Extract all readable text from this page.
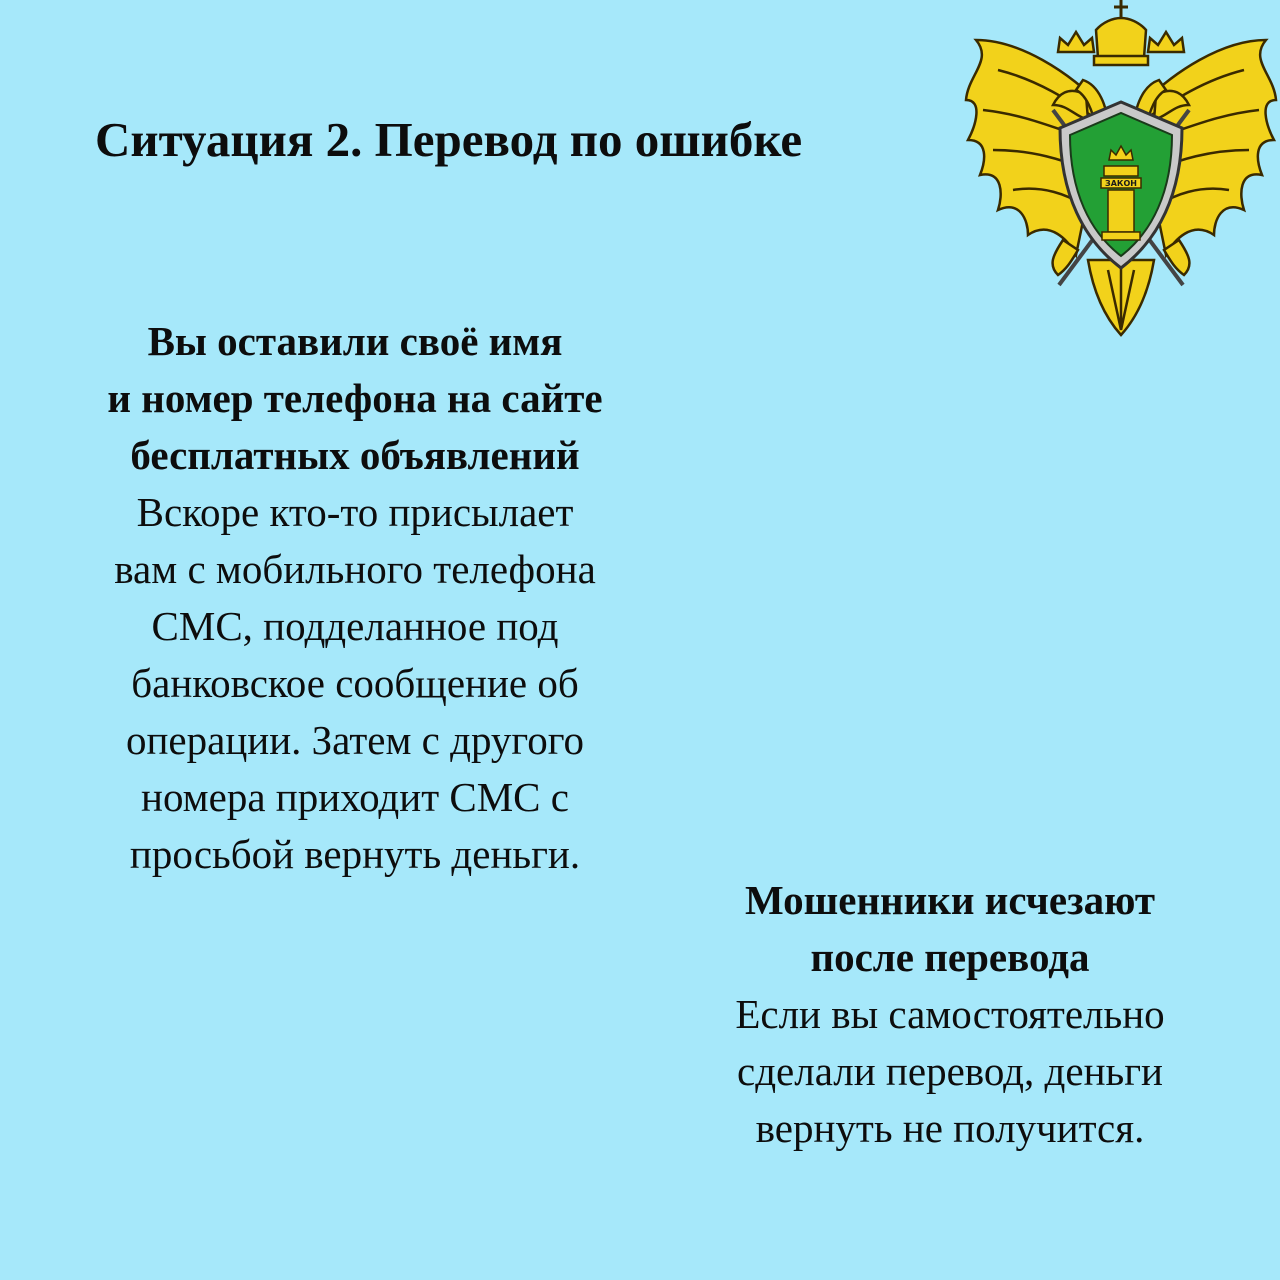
Ситуация 2. Перевод по ошибке
ЗАКОН
Вы оставили своё имя
и номер телефона на сайте
бесплатных объявлений
Вскоре кто-то присылает
вам с мобильного телефона
СМС, подделанное под
банковское сообщение об
операции. Затем с другого
номера приходит СМС с
просьбой вернуть деньги.
Мошенники исчезают
после перевода
Если вы самостоятельно
сделали перевод, деньги
вернуть не получится.
